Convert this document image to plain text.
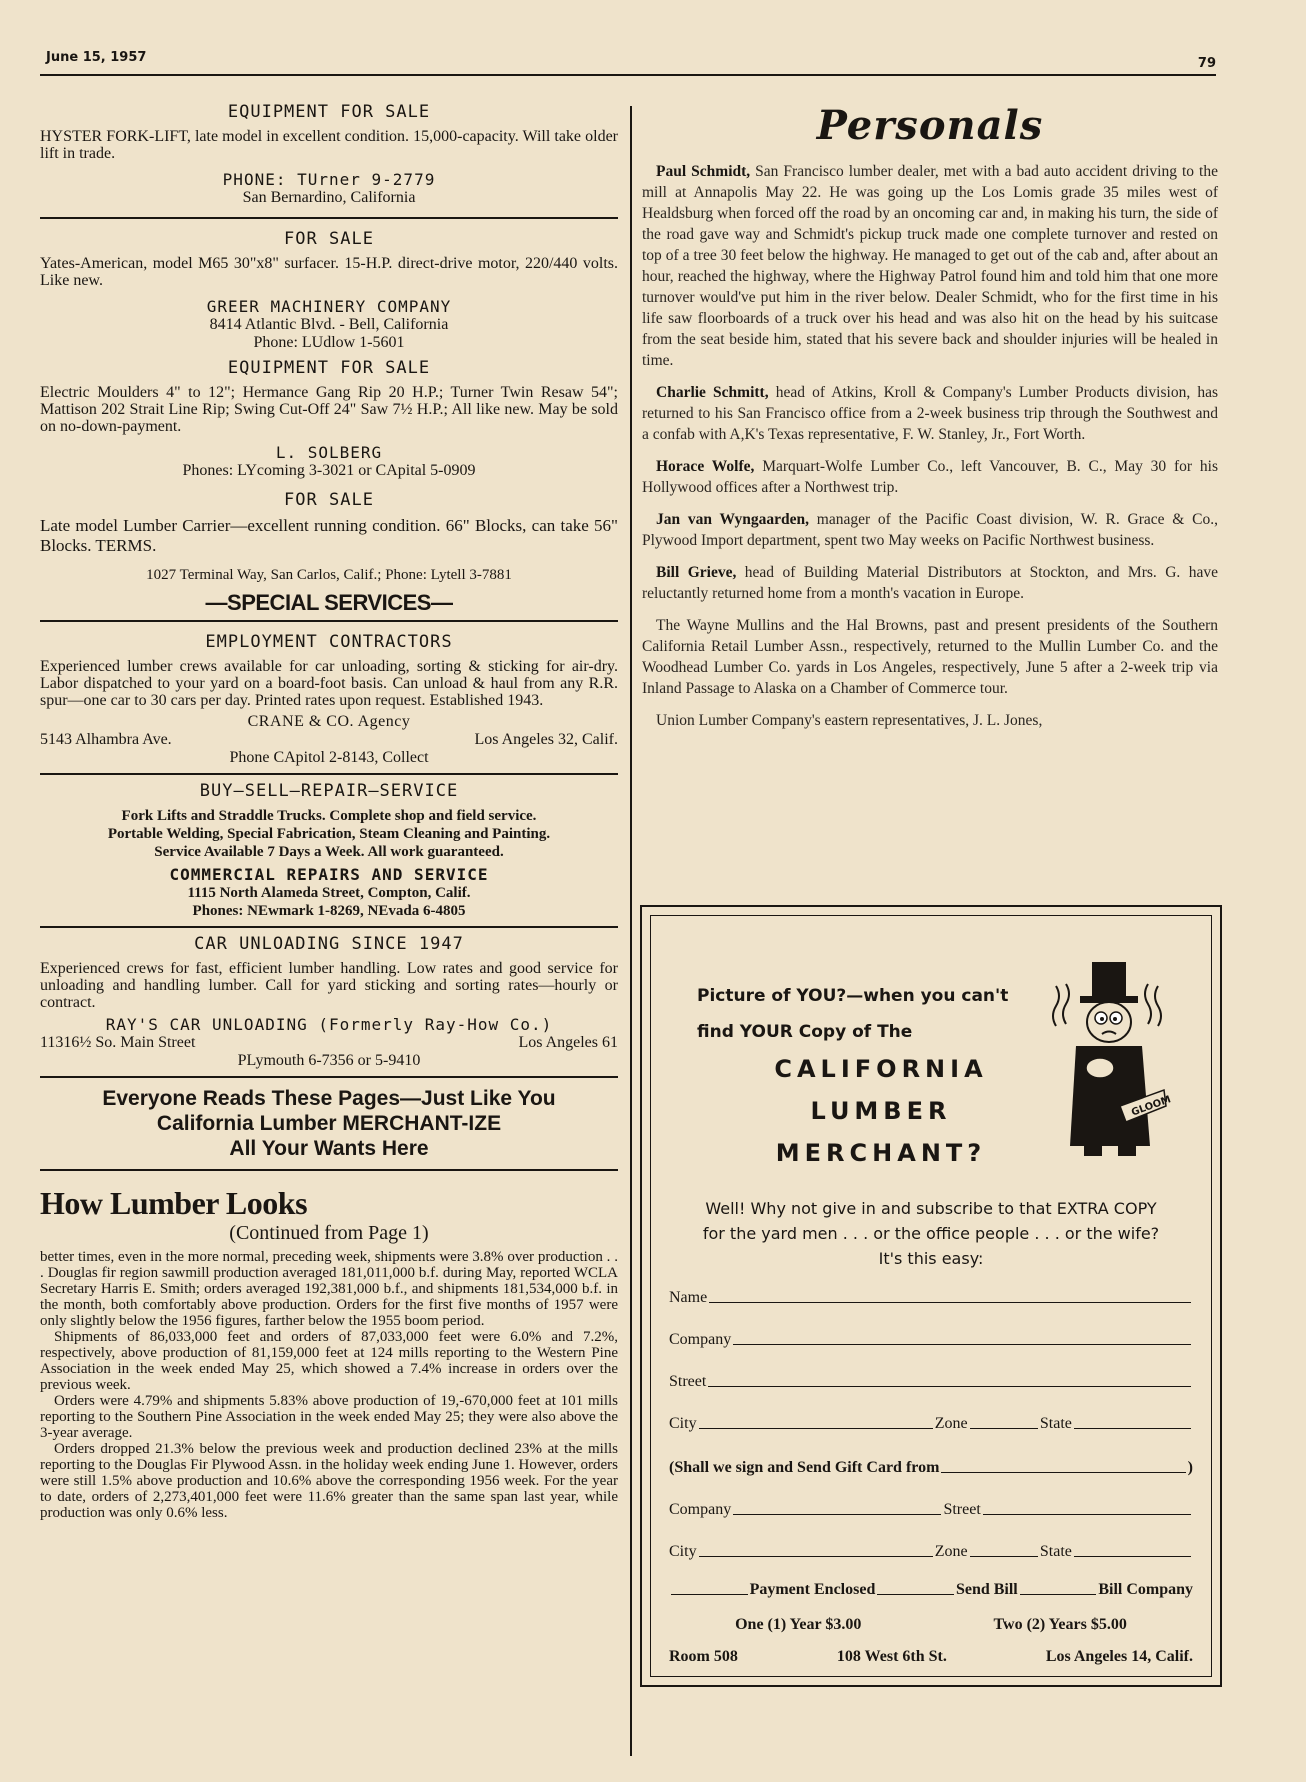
June 15, 1957	79
EQUIPMENT FOR SALE

HYSTER FORK-LIFT, late model in excellent condition. 15,000-capacity. Will take older lift in trade.

PHONE: TUrner 9-2779

San Bernardino, California

FOR SALE

Yates-American, model M65 30"x8" surfacer. 15-H.P. direct-drive motor, 220/440 volts. Like new.

GREER MACHINERY COMPANY

8414 Atlantic Blvd. - Bell, California

Phone: LUdlow 1-5601

EQUIPMENT FOR SALE

Electric Moulders 4" to 12"; Hermance Gang Rip 20 H.P.; Turner Twin Resaw 54"; Mattison 202 Strait Line Rip; Swing Cut-Off 24" Saw 7½ H.P.; All like new. May be sold on no-down-payment.

L. SOLBERG

Phones: LYcoming 3-3021 or CApital 5-0909

FOR SALE

Late model Lumber Carrier—excellent running condition. 66" Blocks, can take 56" Blocks. TERMS.

1027 Terminal Way, San Carlos, Calif.; Phone: Lytell 3-7881

—SPECIAL SERVICES—
EMPLOYMENT CONTRACTORS

Experienced lumber crews available for car unloading, sorting & sticking for air-dry. Labor dispatched to your yard on a board-foot basis. Can unload & haul from any R.R. spur—one car to 30 cars per day. Printed rates upon request. Established 1943.

CRANE & CO. Agency

5143 Alhambra Ave.	Los Angeles 32, Calif.

Phone CApitol 2-8143, Collect

BUY—SELL—REPAIR—SERVICE

Fork Lifts and Straddle Trucks. Complete shop and field service.

Portable Welding, Special Fabrication, Steam Cleaning and Painting.

Service Available 7 Days a Week. All work guaranteed.

COMMERCIAL REPAIRS AND SERVICE

1115 North Alameda Street, Compton, Calif.

Phones: NEwmark 1-8269, NEvada 6-4805

CAR UNLOADING SINCE 1947

Experienced crews for fast, efficient lumber handling. Low rates and good service for unloading and handling lumber. Call for yard sticking and sorting rates—hourly or contract.

RAY'S CAR UNLOADING (Formerly Ray-How Co.)

11316½ So. Main Street	Los Angeles 61

PLymouth 6-7356 or 5-9410

Everyone Reads These Pages—Just Like You
California Lumber MERCHANT-IZE
All Your Wants Here
How Lumber Looks
(Continued from Page 1)

better times, even in the more normal, preceding week, shipments were 3.8% over production . . . Douglas fir region sawmill production averaged 181,011,000 b.f. during May, reported WCLA Secretary Harris E. Smith; orders averaged 192,381,000 b.f., and shipments 181,534,000 b.f. in the month, both comfortably above production. Orders for the first five months of 1957 were only slightly below the 1956 figures, farther below the 1955 boom period.

Shipments of 86,033,000 feet and orders of 87,033,000 feet were 6.0% and 7.2%, respectively, above production of 81,159,000 feet at 124 mills reporting to the Western Pine Association in the week ended May 25, which showed a 7.4% increase in orders over the previous week.

Orders were 4.79% and shipments 5.83% above production of 19,-670,000 feet at 101 mills reporting to the Southern Pine Association in the week ended May 25; they were also above the 3-year average.

Orders dropped 21.3% below the previous week and production declined 23% at the mills reporting to the Douglas Fir Plywood Assn. in the holiday week ending June 1. However, orders were still 1.5% above production and 10.6% above the corresponding 1956 week. For the year to date, orders of 2,273,401,000 feet were 11.6% greater than the same span last year, while production was only 0.6% less.

Personals

Paul Schmidt, San Francisco lumber dealer, met with a bad auto accident driving to the mill at Annapolis May 22. He was going up the Los Lomis grade 35 miles west of Healdsburg when forced off the road by an oncoming car and, in making his turn, the side of the road gave way and Schmidt's pickup truck made one complete turnover and rested on top of a tree 30 feet below the highway. He managed to get out of the cab and, after about an hour, reached the highway, where the Highway Patrol found him and told him that one more turnover would've put him in the river below. Dealer Schmidt, who for the first time in his life saw floorboards of a truck over his head and was also hit on the head by his suitcase from the seat beside him, stated that his severe back and shoulder injuries will be healed in time.

Charlie Schmitt, head of Atkins, Kroll & Company's Lumber Products division, has returned to his San Francisco office from a 2-week business trip through the Southwest and a confab with A,K's Texas representative, F. W. Stanley, Jr., Fort Worth.

Horace Wolfe, Marquart-Wolfe Lumber Co., left Vancouver, B. C., May 30 for his Hollywood offices after a Northwest trip.

Jan van Wyngaarden, manager of the Pacific Coast division, W. R. Grace & Co., Plywood Import department, spent two May weeks on Pacific Northwest business.

Bill Grieve, head of Building Material Distributors at Stockton, and Mrs. G. have reluctantly returned home from a month's vacation in Europe.

The Wayne Mullins and the Hal Browns, past and present presidents of the Southern California Retail Lumber Assn., respectively, returned to the Mullin Lumber Co. and the Woodhead Lumber Co. yards in Los Angeles, respectively, June 5 after a 2-week trip via Inland Passage to Alaska on a Chamber of Commerce tour.

Union Lumber Company's eastern representatives, J. L. Jones,

Picture of YOU?—when you can't
find YOUR Copy of The
CALIFORNIA
LUMBER
MERCHANT?
GLOOM
Well! Why not give in and subscribe to that EXTRA COPY
for the yard men . . . or the office people . . . or the wife?
It's this easy:
Name
Company
Street
City	Zone	State
(Shall we sign and Send Gift Card from	)
Company	Street
City	Zone	State
Payment Enclosed	Send Bill	Bill Company
One (1) Year $3.00	Two (2) Years $5.00
Room 508	108 West 6th St.	Los Angeles 14, Calif.
